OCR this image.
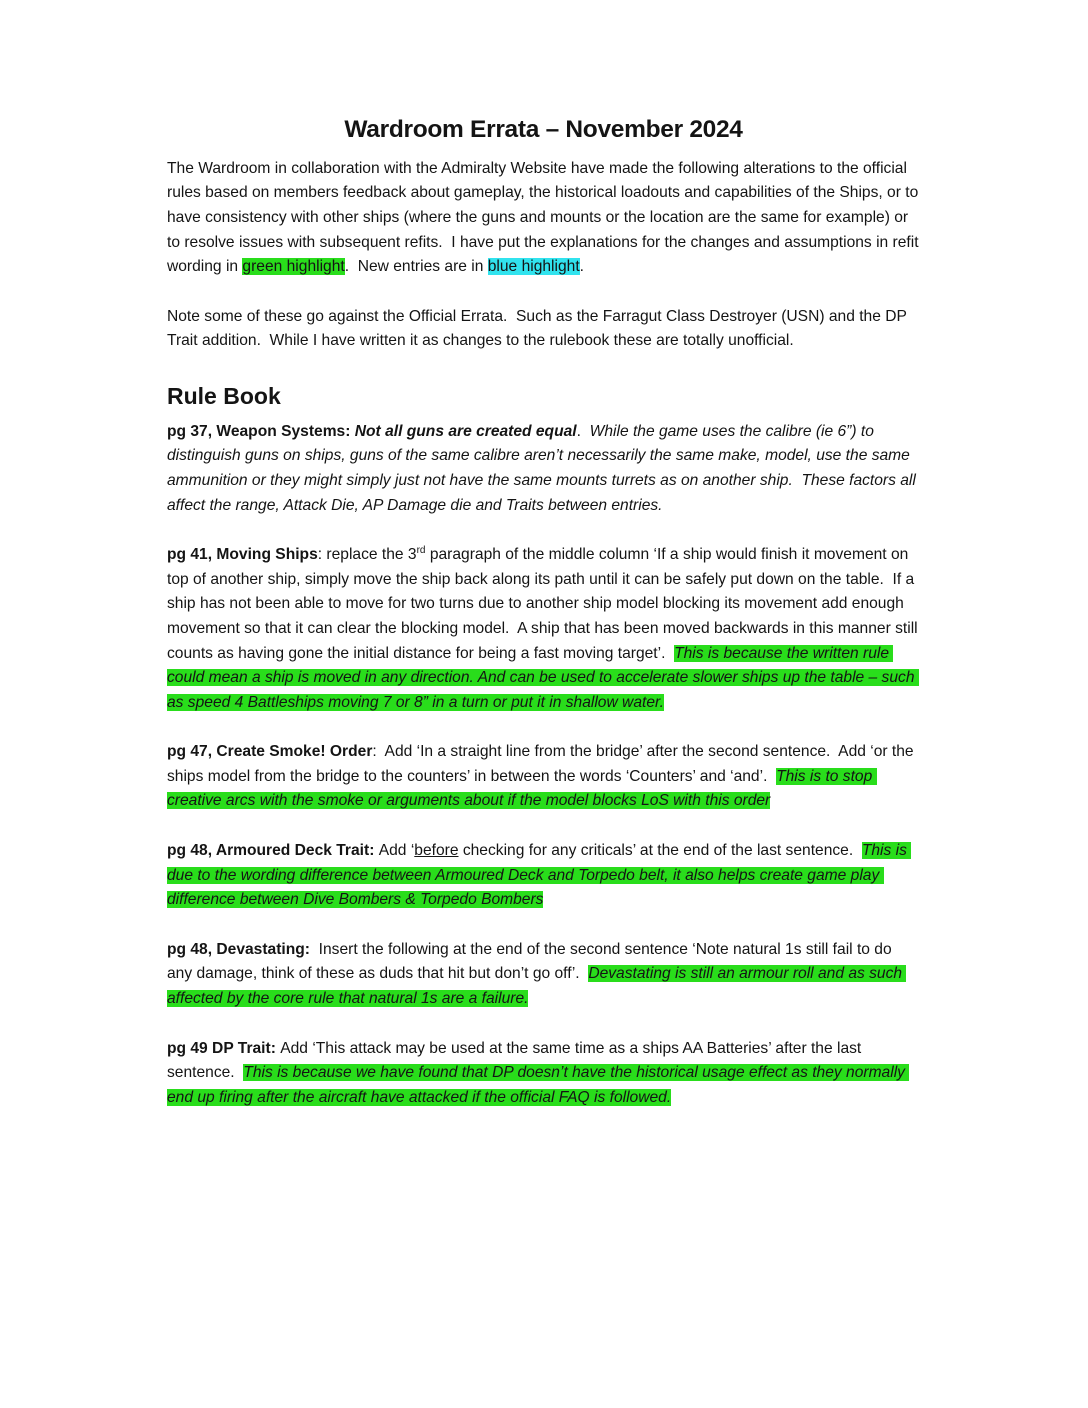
Wardroom Errata – November 2024

The Wardroom in collaboration with the Admiralty Website have made the following alterations to the official rules based on members feedback about gameplay, the historical loadouts and capabilities of the Ships, or to have consistency with other ships (where the guns and mounts or the location are the same for example) or to resolve issues with subsequent refits.  I have put the explanations for the changes and assumptions in refit wording in green highlight.  New entries are in blue highlight.

Note some of these go against the Official Errata.  Such as the Farragut Class Destroyer (USN) and the DP Trait addition.  While I have written it as changes to the rulebook these are totally unofficial.

Rule Book

pg 37, Weapon Systems: Not all guns are created equal.  While the game uses the calibre (ie 6”) to distinguish guns on ships, guns of the same calibre aren’t necessarily the same make, model, use the same ammunition or they might simply just not have the same mounts turrets as on another ship.  These factors all affect the range, Attack Die, AP Damage die and Traits between entries.

pg 41, Moving Ships: replace the 3rd paragraph of the middle column ‘If a ship would finish it movement on top of another ship, simply move the ship back along its path until it can be safely put down on the table.  If a ship has not been able to move for two turns due to another ship model blocking its movement add enough movement so that it can clear the blocking model.  A ship that has been moved backwards in this manner still counts as having gone the initial distance for being a fast moving target’.  This is because the written rule could mean a ship is moved in any direction. And can be used to accelerate slower ships up the table – such as speed 4 Battleships moving 7 or 8” in a turn or put it in shallow water.

pg 47, Create Smoke! Order:  Add ‘In a straight line from the bridge’ after the second sentence.  Add ‘or the ships model from the bridge to the counters’ in between the words ‘Counters’ and ‘and’.  This is to stop creative arcs with the smoke or arguments about if the model blocks LoS with this order

pg 48, Armoured Deck Trait: Add ‘before checking for any criticals’ at the end of the last sentence.  This is due to the wording difference between Armoured Deck and Torpedo belt, it also helps create game play difference between Dive Bombers & Torpedo Bombers

pg 48, Devastating:  Insert the following at the end of the second sentence ‘Note natural 1s still fail to do any damage, think of these as duds that hit but don’t go off’.  Devastating is still an armour roll and as such affected by the core rule that natural 1s are a failure.

pg 49 DP Trait: Add ‘This attack may be used at the same time as a ships AA Batteries’ after the last sentence.  This is because we have found that DP doesn’t have the historical usage effect as they normally end up firing after the aircraft have attacked if the official FAQ is followed.
